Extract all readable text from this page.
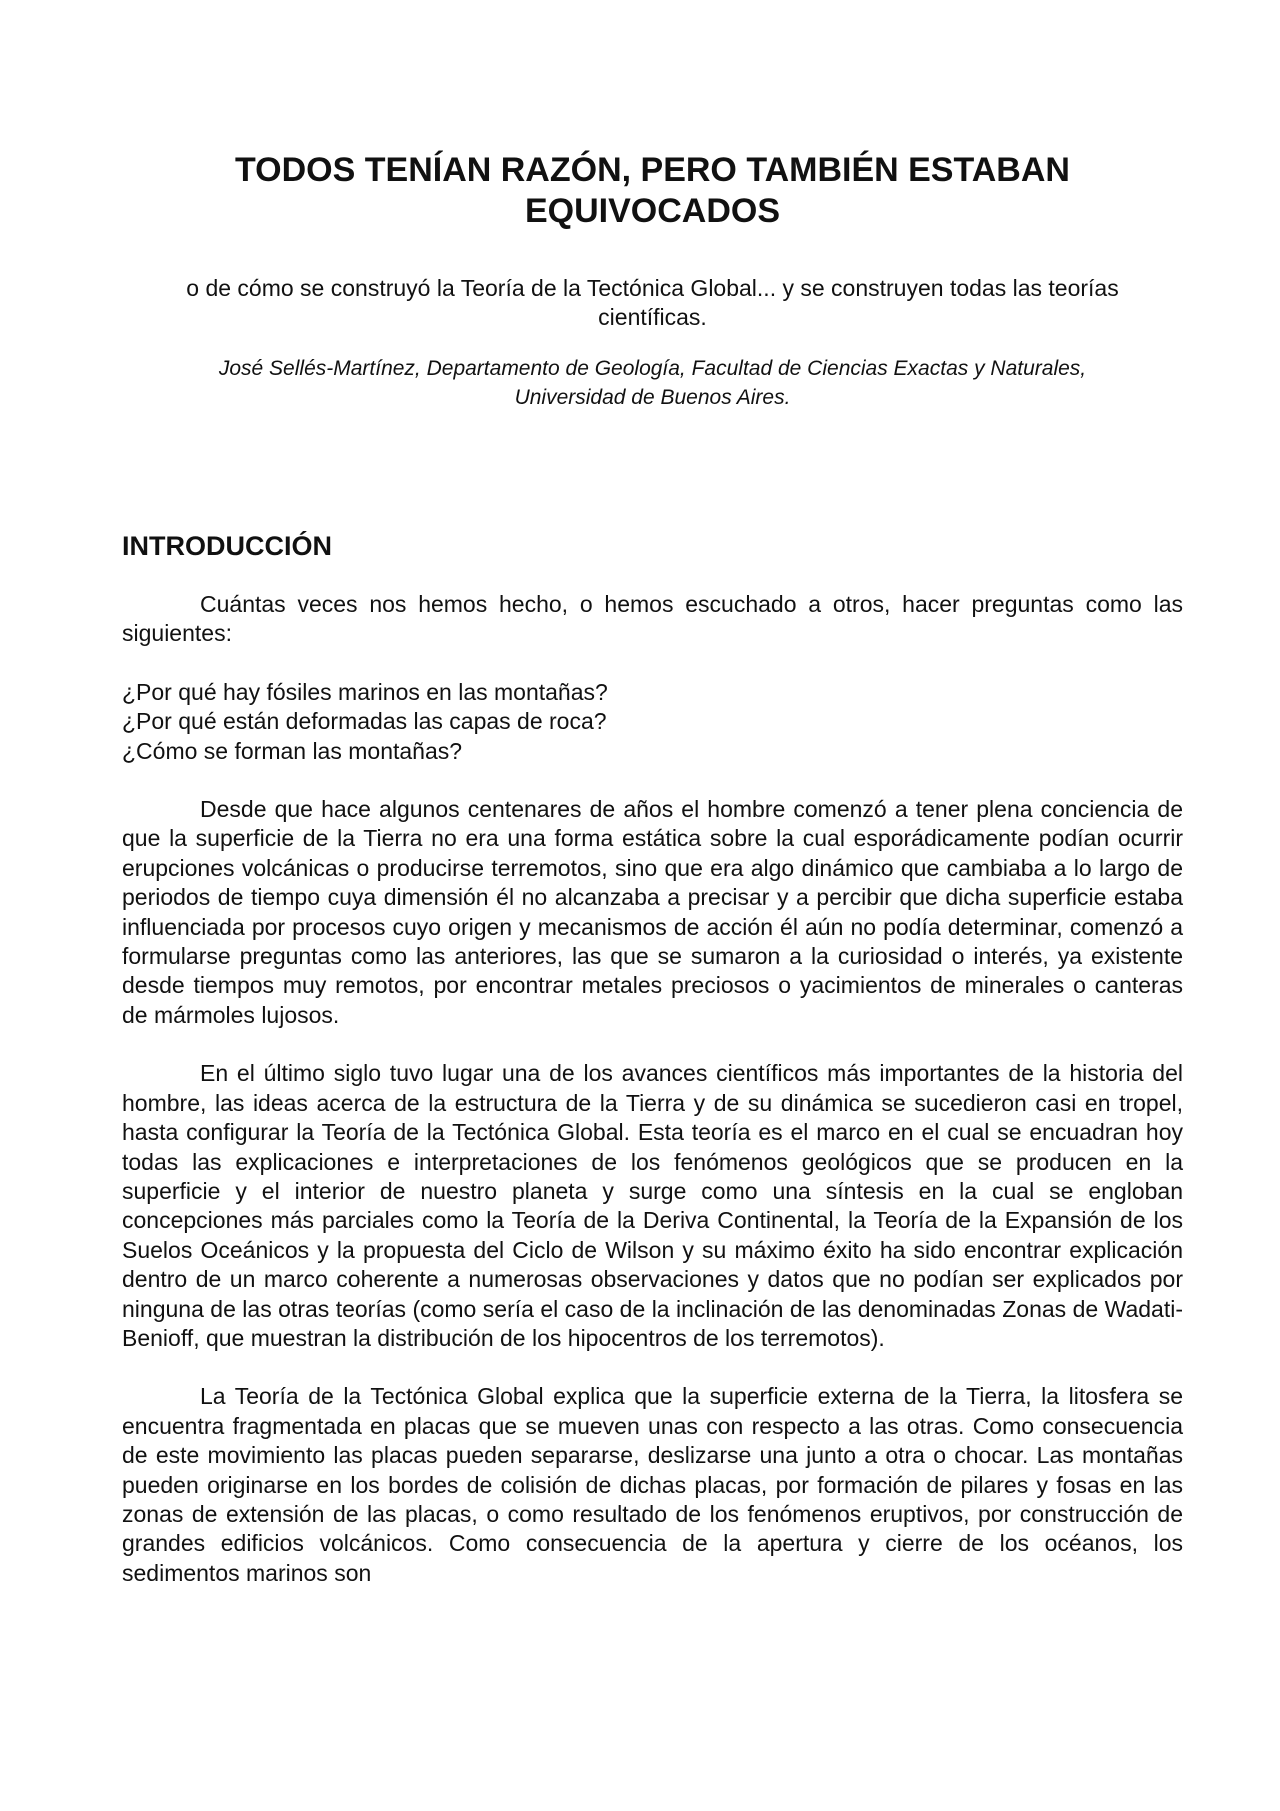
TODOS TENÍAN RAZÓN, PERO TAMBIÉN ESTABAN EQUIVOCADOS

o de cómo se construyó la Teoría de la Tectónica Global... y se construyen todas las teorías científicas.

José Sellés-Martínez, Departamento de Geología, Facultad de Ciencias Exactas y Naturales, Universidad de Buenos Aires.

INTRODUCCIÓN

Cuántas veces nos hemos hecho, o hemos escuchado a otros, hacer preguntas como las siguientes:

¿Por qué hay fósiles marinos en las montañas?
¿Por qué están deformadas las capas de roca?
¿Cómo se forman las montañas?

Desde que hace algunos centenares de años el hombre comenzó a tener plena conciencia de que la superficie de la Tierra no era una forma estática sobre la cual esporádicamente podían ocurrir erupciones volcánicas o producirse terremotos, sino que era algo dinámico que cambiaba a lo largo de periodos de tiempo cuya dimensión él no alcanzaba a precisar y a percibir que dicha superficie estaba influenciada por procesos cuyo origen y mecanismos de acción él aún no podía determinar, comenzó a formularse preguntas como las anteriores, las que se sumaron a la curiosidad o interés, ya existente desde tiempos muy remotos, por encontrar metales preciosos o yacimientos de minerales o canteras de mármoles lujosos.

En el último siglo tuvo lugar una de los avances científicos más importantes de la historia del hombre, las ideas acerca de la estructura de la Tierra y de su dinámica se sucedieron casi en tropel, hasta configurar la Teoría de la Tectónica Global. Esta teoría es el marco en el cual se encuadran hoy todas las explicaciones e interpretaciones de los fenómenos geológicos que se producen en la superficie y el interior de nuestro planeta y surge como una síntesis en la cual se engloban concepciones más parciales como la Teoría de la Deriva Continental, la Teoría de la Expansión de los Suelos Oceánicos y la propuesta del Ciclo de Wilson y su máximo éxito ha sido encontrar explicación dentro de un marco coherente a numerosas observaciones y datos que no podían ser explicados por ninguna de las otras teorías (como sería el caso de la inclinación de las denominadas Zonas de Wadati-Benioff, que muestran la distribución de los hipocentros de los terremotos).

La Teoría de la Tectónica Global explica que la superficie externa de la Tierra, la litosfera se encuentra fragmentada en placas que se mueven unas con respecto a las otras. Como consecuencia de este movimiento las placas pueden separarse, deslizarse una junto a otra o chocar. Las montañas pueden originarse en los bordes de colisión de dichas placas, por formación de pilares y fosas en las zonas de extensión de las placas, o como resultado de los fenómenos eruptivos, por construcción de grandes edificios volcánicos. Como consecuencia de la apertura y cierre de los océanos, los sedimentos marinos son
